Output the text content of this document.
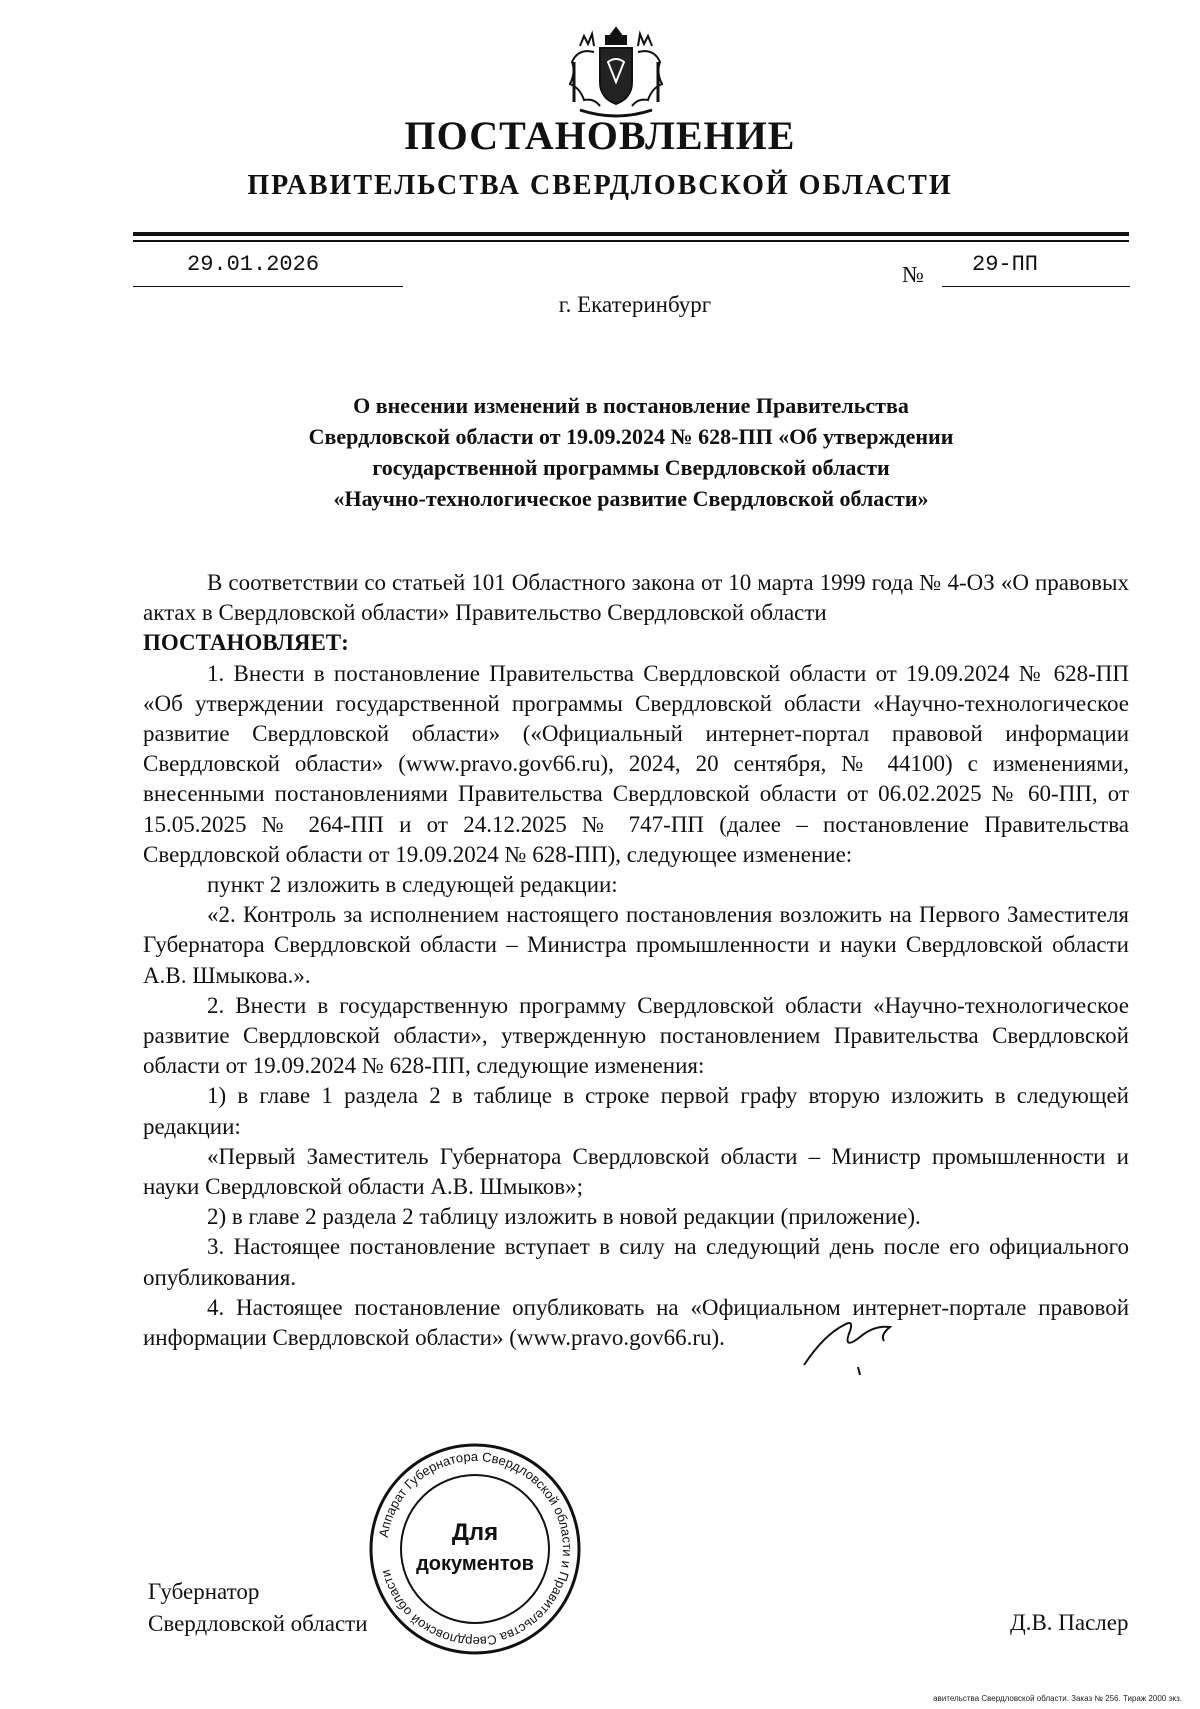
ПОСТАНОВЛЕНИЕ
ПРАВИТЕЛЬСТВА СВЕРДЛОВСКОЙ ОБЛАСТИ
29.01.2026	№ 29-ПП
г. Екатеринбург
О внесении изменений в постановление Правительства
Свердловской области от 19.09.2024 № 628-ПП «Об утверждении
государственной программы Свердловской области
«Научно-технологическое развитие Свердловской области»

В соответствии со статьей 101 Областного закона от 10 марта 1999 года № 4-ОЗ «О правовых актах в Свердловской области» Правительство Свердловской области

ПОСТАНОВЛЯЕТ:

1. Внести в постановление Правительства Свердловской области от 19.09.2024 № 628-ПП «Об утверждении государственной программы Свердловской области «Научно-технологическое развитие Свердловской области» («Официальный интернет-портал правовой информации Свердловской области» (www.pravo.gov66.ru), 2024, 20 сентября, № 44100) с изменениями, внесенными постановлениями Правительства Свердловской области от 06.02.2025 № 60-ПП, от 15.05.2025 № 264-ПП и от 24.12.2025 № 747-ПП (далее – постановление Правительства Свердловской области от 19.09.2024 № 628-ПП), следующее изменение:

пункт 2 изложить в следующей редакции:

«2. Контроль за исполнением настоящего постановления возложить на Первого Заместителя Губернатора Свердловской области – Министра промышленности и науки Свердловской области А.В. Шмыкова.».

2. Внести в государственную программу Свердловской области «Научно-технологическое развитие Свердловской области», утвержденную постановлением Правительства Свердловской области от 19.09.2024 № 628-ПП, следующие изменения:

1) в главе 1 раздела 2 в таблице в строке первой графу вторую изложить в следующей редакции:

«Первый Заместитель Губернатора Свердловской области – Министр промышленности и науки Свердловской области А.В. Шмыков»;

2) в главе 2 раздела 2 таблицу изложить в новой редакции (приложение).

3. Настоящее постановление вступает в силу на следующий день после его официального опубликования.

4. Настоящее постановление опубликовать на «Официальном интернет-портале правовой информации Свердловской области» (www.pravo.gov66.ru).

Губернатор
Свердловской области	Д.В. Паслер
Аппарат Губернатора Свердловской области и Правительства Свердловской области
Для
документов
авительства Свердловской области. Заказ № 256. Тираж 2000 экз.
